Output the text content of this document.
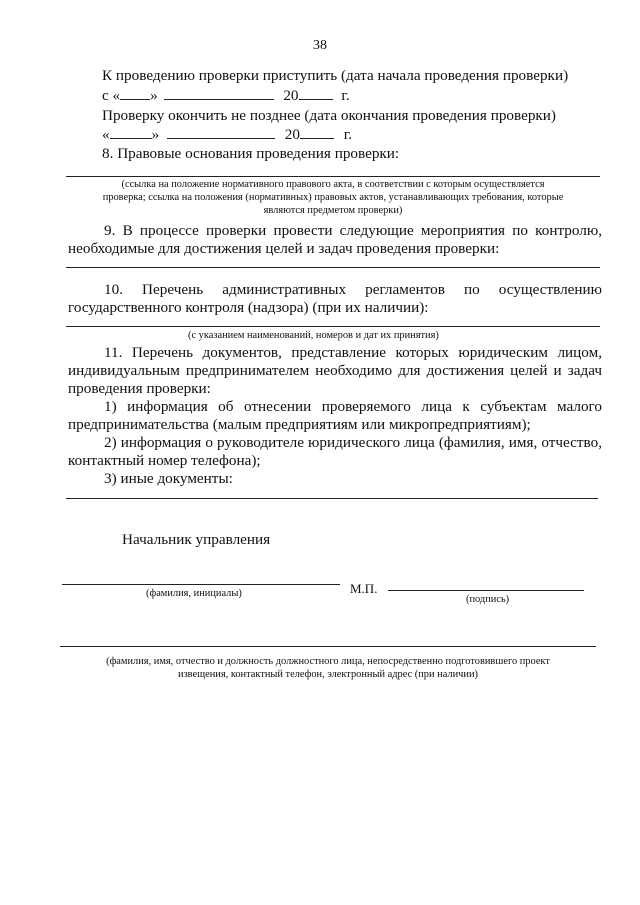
38
К проведению проверки приступить (дата начала проведения проверки)
с « »	20	г.
Проверку окончить не позднее (дата окончания проведения проверки)
«	»	20	г.
8. Правовые основания проведения проверки:
(ссылка на положение нормативного правового акта, в соответствии с которым осуществляется
проверка; ссылка на положения (нормативных) правовых актов, устанавливающих требования, которые
являются предметом проверки)
9. В процессе проверки провести следующие мероприятия по контролю,
необходимые для достижения целей и задач проведения проверки:
10. Перечень административных регламентов по осуществлению
государственного контроля (надзора) (при их наличии):
(с указанием наименований, номеров и дат их принятия)
11. Перечень документов, представление которых юридическим лицом,
индивидуальным предпринимателем необходимо для достижения целей и задач
проведения проверки:
1) информация об отнесении проверяемого лица к субъектам малого
предпринимательства (малым предприятиям или микропредприятиям);
2) информация о руководителе юридического лица (фамилия, имя, отчество,
контактный номер телефона);
3) иные документы:
Начальник управления
(фамилия, инициалы)	М.П.
(подпись)
(фамилия, имя, отчество и должность должностного лица, непосредственно подготовившего проект
извещения, контактный телефон, электронный адрес (при наличии)
